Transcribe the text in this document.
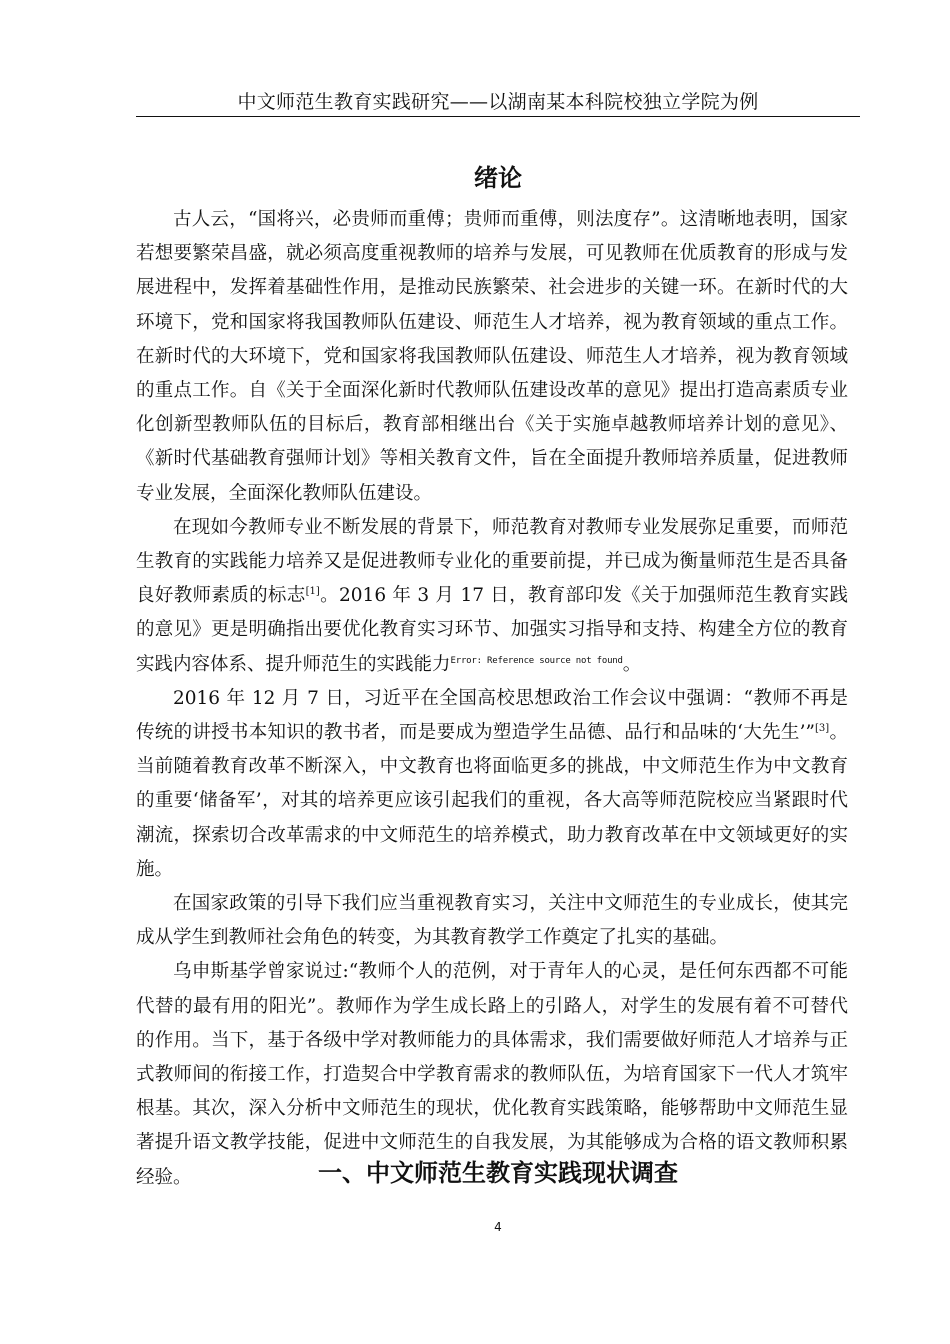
中文师范生教育实践研究——以湖南某本科院校独立学院为例
绪论

古人云，“国将兴，必贵师而重傅；贵师而重傅，则法度存”。这清晰地表明，国家若想要繁荣昌盛，就必须高度重视教师的培养与发展，可见教师在优质教育的形成与发展进程中，发挥着基础性作用，是推动民族繁荣、社会进步的关键一环。在新时代的大环境下，党和国家将我国教师队伍建设、师范生人才培养，视为教育领域的重点工作。在新时代的大环境下，党和国家将我国教师队伍建设、师范生人才培养，视为教育领域的重点工作。自《关于全面深化新时代教师队伍建设改革的意见》提出打造高素质专业化创新型教师队伍的目标后，教育部相继出台《关于实施卓越教师培养计划的意见》、《新时代基础教育强师计划》等相关教育文件，旨在全面提升教师培养质量，促进教师专业发展，全面深化教师队伍建设。

在现如今教师专业不断发展的背景下，师范教育对教师专业发展弥足重要，而师范生教育的实践能力培养又是促进教师专业化的重要前提，并已成为衡量师范生是否具备良好教师素质的标志[1]。2016 年 3 月 17 日，教育部印发《关于加强师范生教育实践的意见》更是明确指出要优化教育实习环节、加强实习指导和支持、构建全方位的教育实践内容体系、提升师范生的实践能力$^{Error: Reference source not found}$。

2016 年 12 月 7 日，习近平在全国高校思想政治工作会议中强调：“教师不再是传统的讲授书本知识的教书者，而是要成为塑造学生品德、品行和品味的‘大先生’”[3]。当前随着教育改革不断深入，中文教育也将面临更多的挑战，中文师范生作为中文教育的重要‘储备军’，对其的培养更应该引起我们的重视，各大高等师范院校应当紧跟时代潮流，探索切合改革需求的中文师范生的培养模式，助力教育改革在中文领域更好的实施。

在国家政策的引导下我们应当重视教育实习，关注中文师范生的专业成长，使其完成从学生到教师社会角色的转变，为其教育教学工作奠定了扎实的基础。

乌申斯基学曾家说过:“教师个人的范例，对于青年人的心灵，是任何东西都不可能代替的最有用的阳光”。教师作为学生成长路上的引路人，对学生的发展有着不可替代的作用。当下，基于各级中学对教师能力的具体需求，我们需要做好师范人才培养与正式教师间的衔接工作，打造契合中学教育需求的教师队伍，为培育国家下一代人才筑牢根基。其次，深入分析中文师范生的现状，优化教育实践策略，能够帮助中文师范生显著提升语文教学技能，促进中文师范生的自我发展，为其能够成为合格的语文教师积累经验。	一、中文师范生教育实践现状调查
4
